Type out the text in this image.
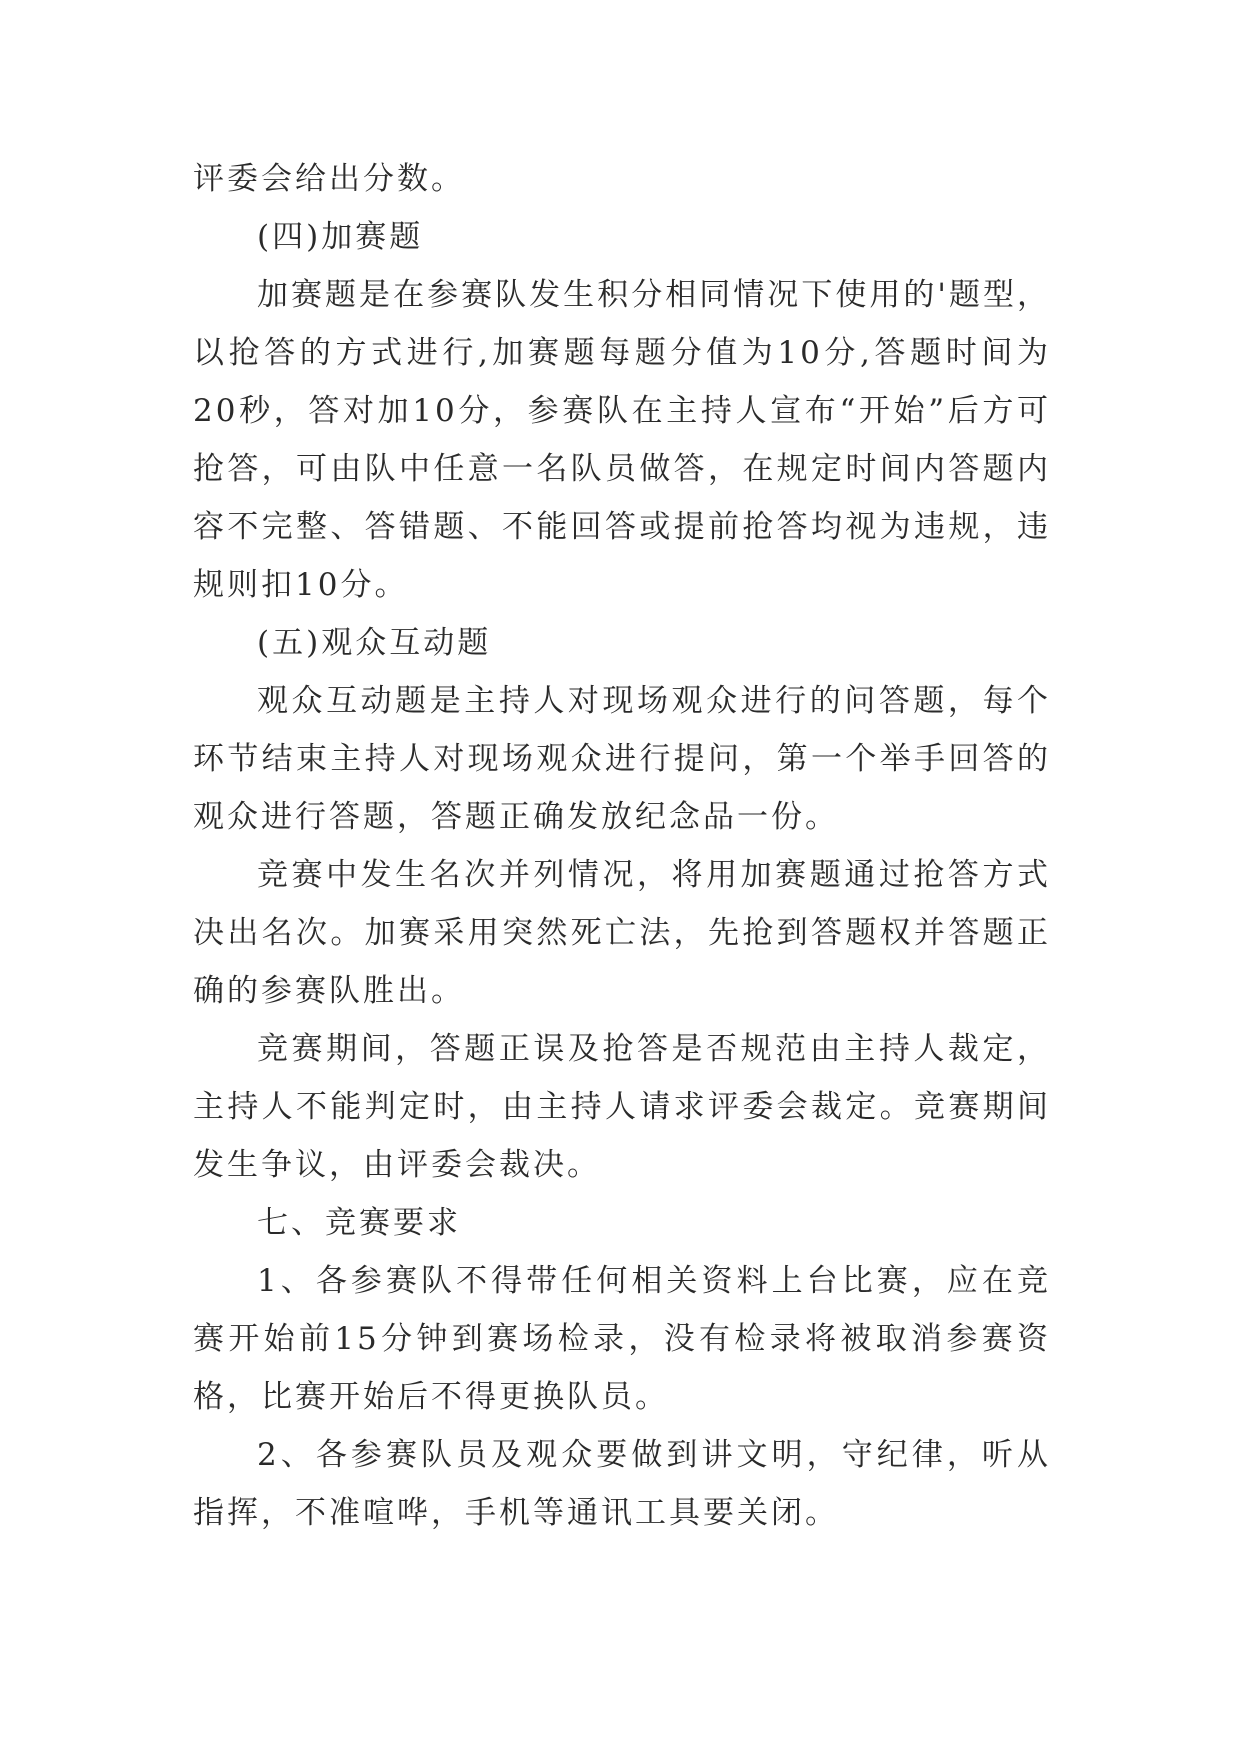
评委会给出分数。

(四)加赛题

加赛题是在参赛队发生积分相同情况下使用的'题型，以抢答的方式进行,加赛题每题分值为10分,答题时间为20秒，答对加10分，参赛队在主持人宣布“开始”后方可抢答，可由队中任意一名队员做答，在规定时间内答题内容不完整、答错题、不能回答或提前抢答均视为违规，违规则扣10分。

(五)观众互动题

观众互动题是主持人对现场观众进行的问答题，每个环节结束主持人对现场观众进行提问，第一个举手回答的观众进行答题，答题正确发放纪念品一份。

竞赛中发生名次并列情况，将用加赛题通过抢答方式决出名次。加赛采用突然死亡法，先抢到答题权并答题正确的参赛队胜出。

竞赛期间，答题正误及抢答是否规范由主持人裁定，主持人不能判定时，由主持人请求评委会裁定。竞赛期间发生争议，由评委会裁决。

七、竞赛要求

1、各参赛队不得带任何相关资料上台比赛，应在竞赛开始前15分钟到赛场检录，没有检录将被取消参赛资格，比赛开始后不得更换队员。

2、各参赛队员及观众要做到讲文明，守纪律，听从指挥，不准喧哗，手机等通讯工具要关闭。
